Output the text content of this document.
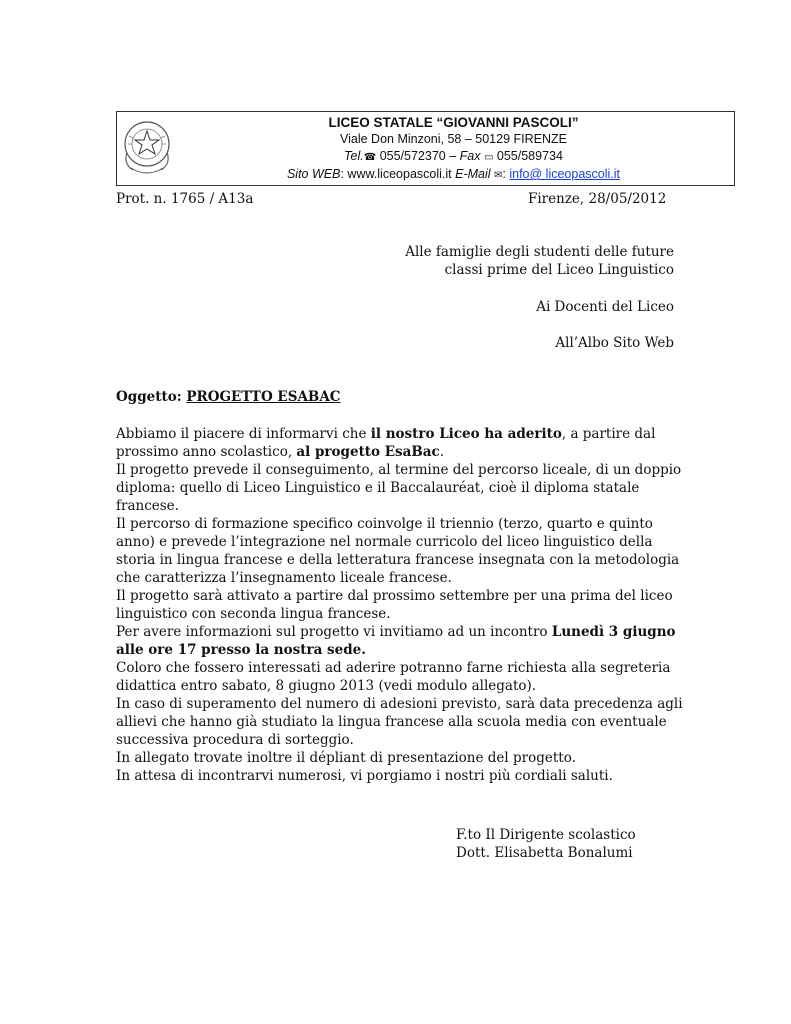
LICEO STATALE “GIOVANNI PASCOLI”
Viale Don Minzoni, 58 – 50129 FIRENZE
Tel.☎ 055/572370 – Fax ▭ 055/589734
Sito WEB: www.liceopascoli.it E-Mail ✉: info@ liceopascoli.it
Prot. n. 1765 / A13a	Firenze, 28/05/2012
Alle famiglie degli studenti delle future
classi prime del Liceo Linguistico
Ai Docenti del Liceo
All’Albo Sito Web
Oggetto: PROGETTO ESABAC

Abbiamo il piacere di informarvi che il nostro Liceo ha aderito, a partire dal prossimo anno scolastico, al progetto EsaBac.

Il progetto prevede il conseguimento, al termine del percorso liceale, di un doppio diploma: quello di Liceo Linguistico e il Baccalauréat, cioè il diploma statale francese.

Il percorso di formazione specifico coinvolge il triennio (terzo, quarto e quinto anno) e prevede l’integrazione nel normale curricolo del liceo linguistico della storia in lingua francese e della letteratura francese insegnata con la metodologia che caratterizza l’insegnamento liceale francese.

Il progetto sarà attivato a partire dal prossimo settembre per una prima del liceo linguistico con seconda lingua francese.

Per avere informazioni sul progetto vi invitiamo ad un incontro Lunedì 3 giugno alle ore 17 presso la nostra sede.

Coloro che fossero interessati ad aderire potranno farne richiesta alla segreteria didattica entro sabato, 8 giugno 2013 (vedi modulo allegato).

In caso di superamento del numero di adesioni previsto, sarà data precedenza agli allievi che hanno già studiato la lingua francese alla scuola media con eventuale successiva procedura di sorteggio.

In allegato trovate inoltre il dépliant di presentazione del progetto.

In attesa di incontrarvi numerosi, vi porgiamo i nostri più cordiali saluti.

F.to Il Dirigente scolastico
Dott. Elisabetta Bonalumi
